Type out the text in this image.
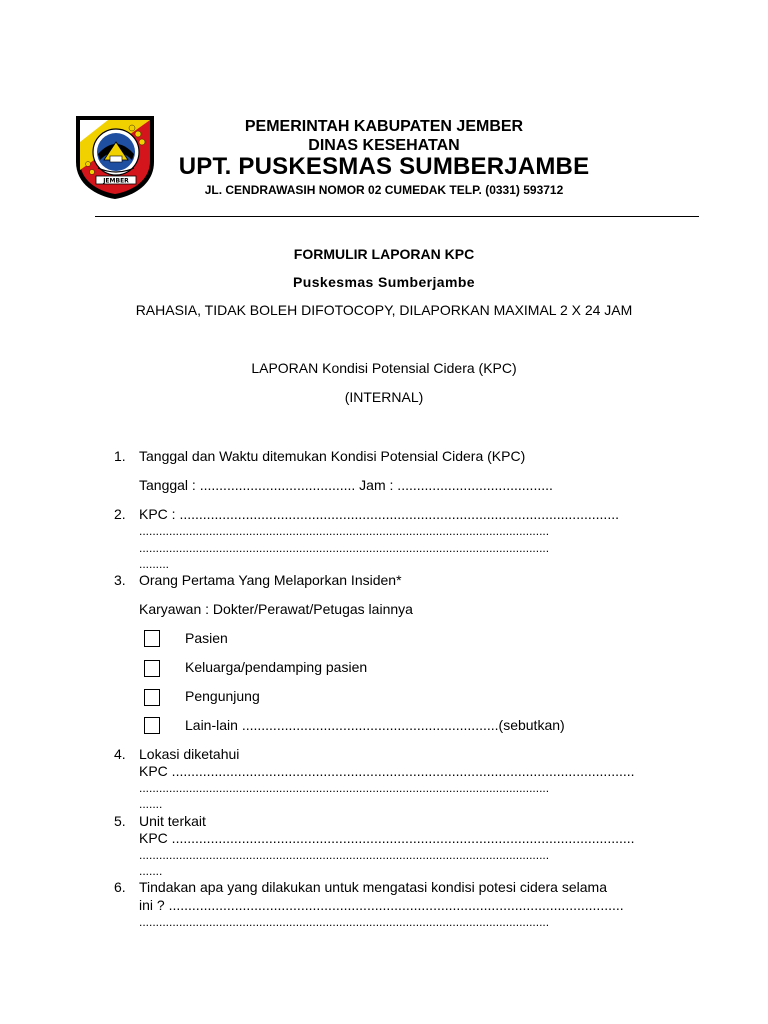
JEMBER
PEMERINTAH KABUPATEN JEMBER
DINAS KESEHATAN
UPT. PUSKESMAS SUMBERJAMBE
JL. CENDRAWASIH NOMOR 02 CUMEDAK TELP. (0331) 593712
FORMULIR LAPORAN KPC
Puskesmas Sumberjambe
RAHASIA, TIDAK BOLEH DIFOTOCOPY, DILAPORKAN MAXIMAL 2 X 24 JAM
LAPORAN Kondisi Potensial Cidera (KPC)
(INTERNAL)
1. Tanggal dan Waktu ditemukan Kondisi Potensial Cidera (KPC)
Tanggal : ........................................ Jam : ........................................
2. KPC : .................................................................................................................
...........................................................................................................................
...........................................................................................................................
.........
3. Orang Pertama Yang Melaporkan Insiden*
Karyawan : Dokter/Perawat/Petugas lainnya
Pasien
Keluarga/pendamping pasien
Pengunjung
Lain-lain ..................................................................(sebutkan)
4. Lokasi diketahui
KPC .......................................................................................................................
...........................................................................................................................
.......
5. Unit terkait
KPC .......................................................................................................................
...........................................................................................................................
.......
6. Tindakan apa yang dilakukan untuk mengatasi kondisi potesi cidera selama
ini ? .....................................................................................................................
...........................................................................................................................
